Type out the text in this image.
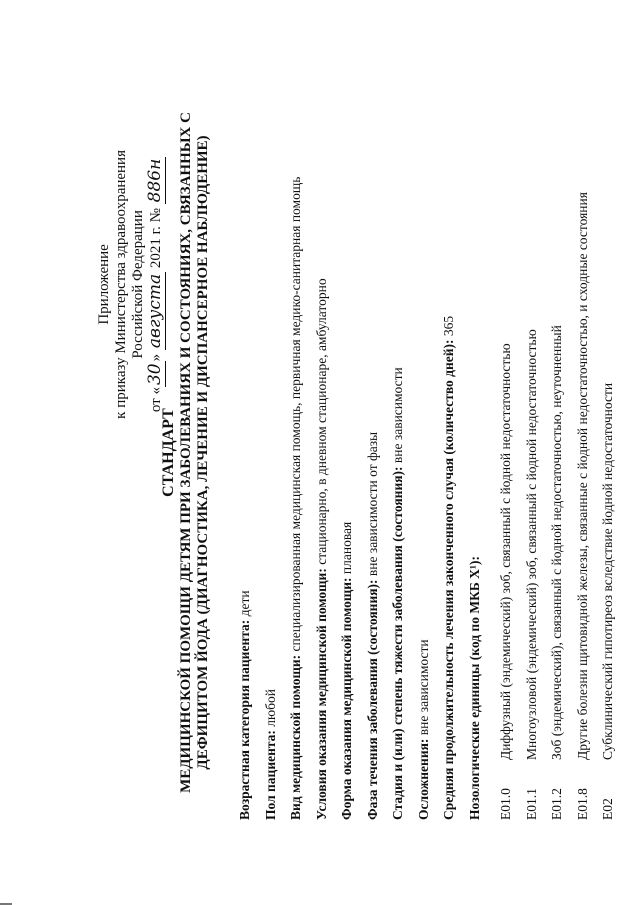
Приложение к приказу Министерства здравоохранения Российской Федерации
от «30» августа 2021 г. № 886н
СТАНДАРТ МЕДИЦИНСКОЙ ПОМОЩИ ДЕТЯМ ПРИ ЗАБОЛЕВАНИЯХ И СОСТОЯНИЯХ, СВЯЗАННЫХ С ДЕФИЦИТОМ ЙОДА (ДИАГНОСТИКА, ЛЕЧЕНИЕ И ДИСПАНСЕРНОЕ НАБЛЮДЕНИЕ)	Возрастная категория пациента: дети
Пол пациента: любой Вид медицинской помощи: специализированная медицинская помощь, первичная медико-санитарная помощь
Условия оказания медицинской помощи: стационарно, в дневном стационаре, амбулаторно
Форма оказания медицинской помощи: плановая
Фаза течения заболевания (состояния): вне зависимости от фазы Стадия и (или) степень тяжести заболевания (состояния): вне зависимости
Осложнения: вне зависимости Средняя продолжительность лечения законченного случая (количество дней): 365
Нозологические единицы (код по МКБ X¹):	E01.0
Диффузный (эндемический) зоб, связанный с йодной недостаточностью
E01.1
Многоузловой (эндемический) зоб, связанный с йодной недостаточностью
E01.2
Зоб (эндемический), связанный с йодной недостаточностью, неуточненный
E01.8
Другие болезни щитовидной железы, связанные с йодной недостаточностью, и сходные состояния
E02
Субклинический гипотиреоз вследствие йодной недостаточности
